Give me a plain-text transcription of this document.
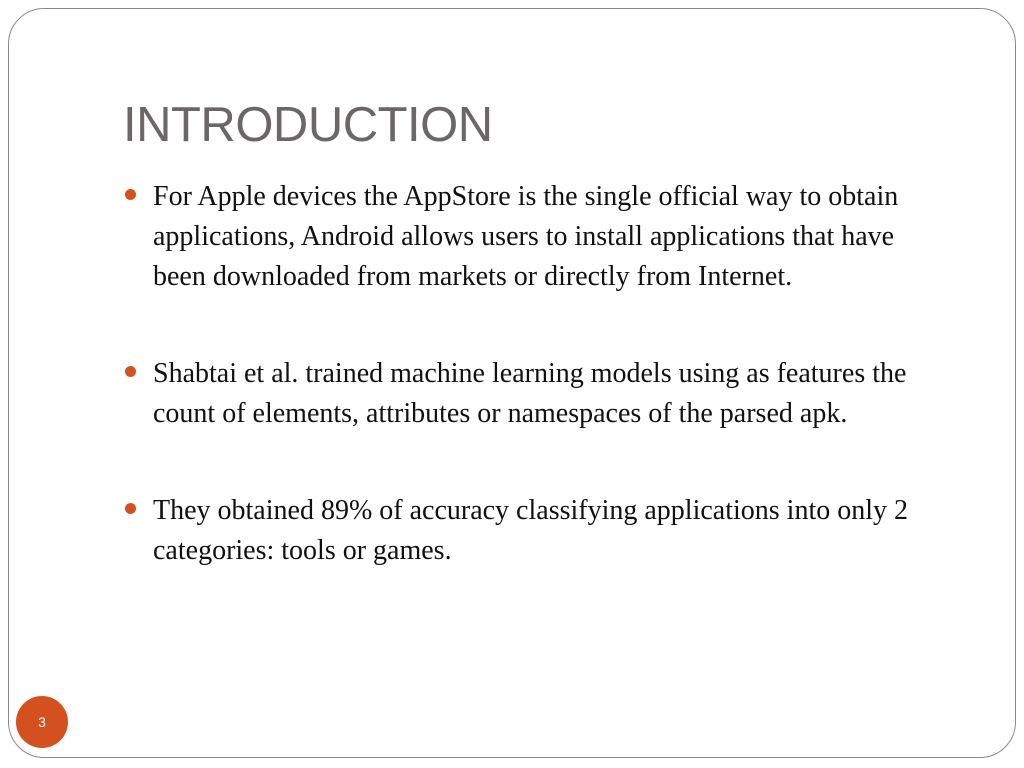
INTRODUCTION
For Apple devices the AppStore is the single official way to obtain applications, Android allows users to install applications that have been downloaded from markets or directly from Internet.
Shabtai et al. trained machine learning models using as features the count of elements, attributes or namespaces of the parsed apk.
They obtained 89% of accuracy classifying applications into only 2 categories: tools or games.
3
